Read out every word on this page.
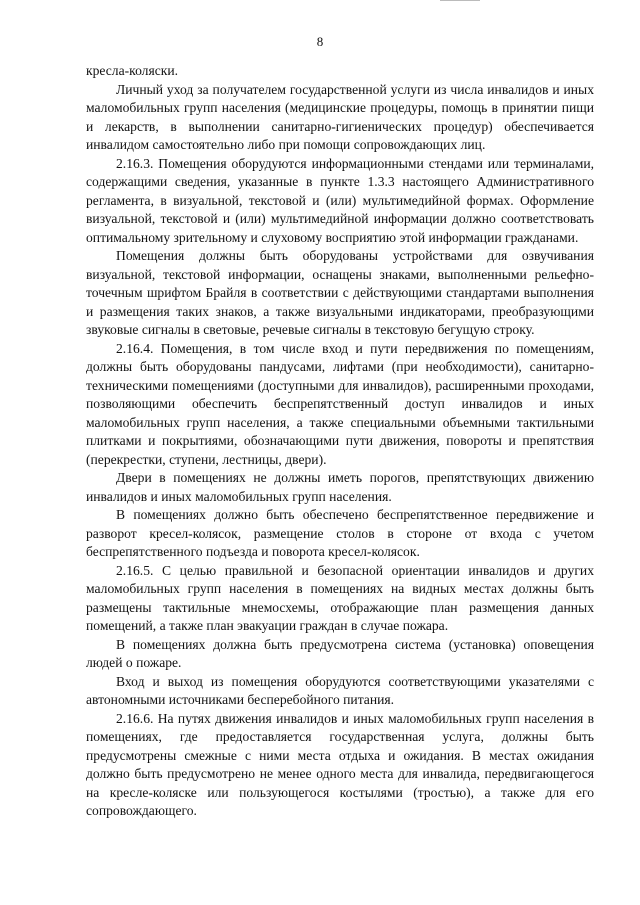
8

кресла-коляски.

Личный уход за получателем государственной услуги из числа инвалидов и иных маломобильных групп населения (медицинские процедуры, помощь в принятии пищи и лекарств, в выполнении санитарно-гигиенических процедур) обеспечивается инвалидом самостоятельно либо при помощи сопровождающих лиц.

2.16.3. Помещения оборудуются информационными стендами или терминалами, содержащими сведения, указанные в пункте 1.3.3 настоящего Административного регламента, в визуальной, текстовой и (или) мультимедийной формах. Оформление визуальной, текстовой и (или) мультимедийной информации должно соответствовать оптимальному зрительному и слуховому восприятию этой информации гражданами.

Помещения должны быть оборудованы устройствами для озвучивания визуальной, текстовой информации, оснащены знаками, выполненными рельефно-точечным шрифтом Брайля в соответствии с действующими стандартами выполнения и размещения таких знаков, а также визуальными индикаторами, преобразующими звуковые сигналы в световые, речевые сигналы в текстовую бегущую строку.

2.16.4. Помещения, в том числе вход и пути передвижения по помещениям, должны быть оборудованы пандусами, лифтами (при необходимости), санитарно-техническими помещениями (доступными для инвалидов), расширенными проходами, позволяющими обеспечить беспрепятственный доступ инвалидов и иных маломобильных групп населения, а также специальными объемными тактильными плитками и покрытиями, обозначающими пути движения, повороты и препятствия (перекрестки, ступени, лестницы, двери).

Двери в помещениях не должны иметь порогов, препятствующих движению инвалидов и иных маломобильных групп населения.

В помещениях должно быть обеспечено беспрепятственное передвижение и разворот кресел-колясок, размещение столов в стороне от входа с учетом беспрепятственного подъезда и поворота кресел-колясок.

2.16.5. С целью правильной и безопасной ориентации инвалидов и других маломобильных групп населения в помещениях на видных местах должны быть размещены тактильные мнемосхемы, отображающие план размещения данных помещений, а также план эвакуации граждан в случае пожара.

В помещениях должна быть предусмотрена система (установка) оповещения людей о пожаре.

Вход и выход из помещения оборудуются соответствующими указателями с автономными источниками бесперебойного питания.

2.16.6. На путях движения инвалидов и иных маломобильных групп населения в помещениях, где предоставляется государственная услуга, должны быть предусмотрены смежные с ними места отдыха и ожидания. В местах ожидания должно быть предусмотрено не менее одного места для инвалида, передвигающегося на кресле-коляске или пользующегося костылями (тростью), а также для его сопровождающего.
